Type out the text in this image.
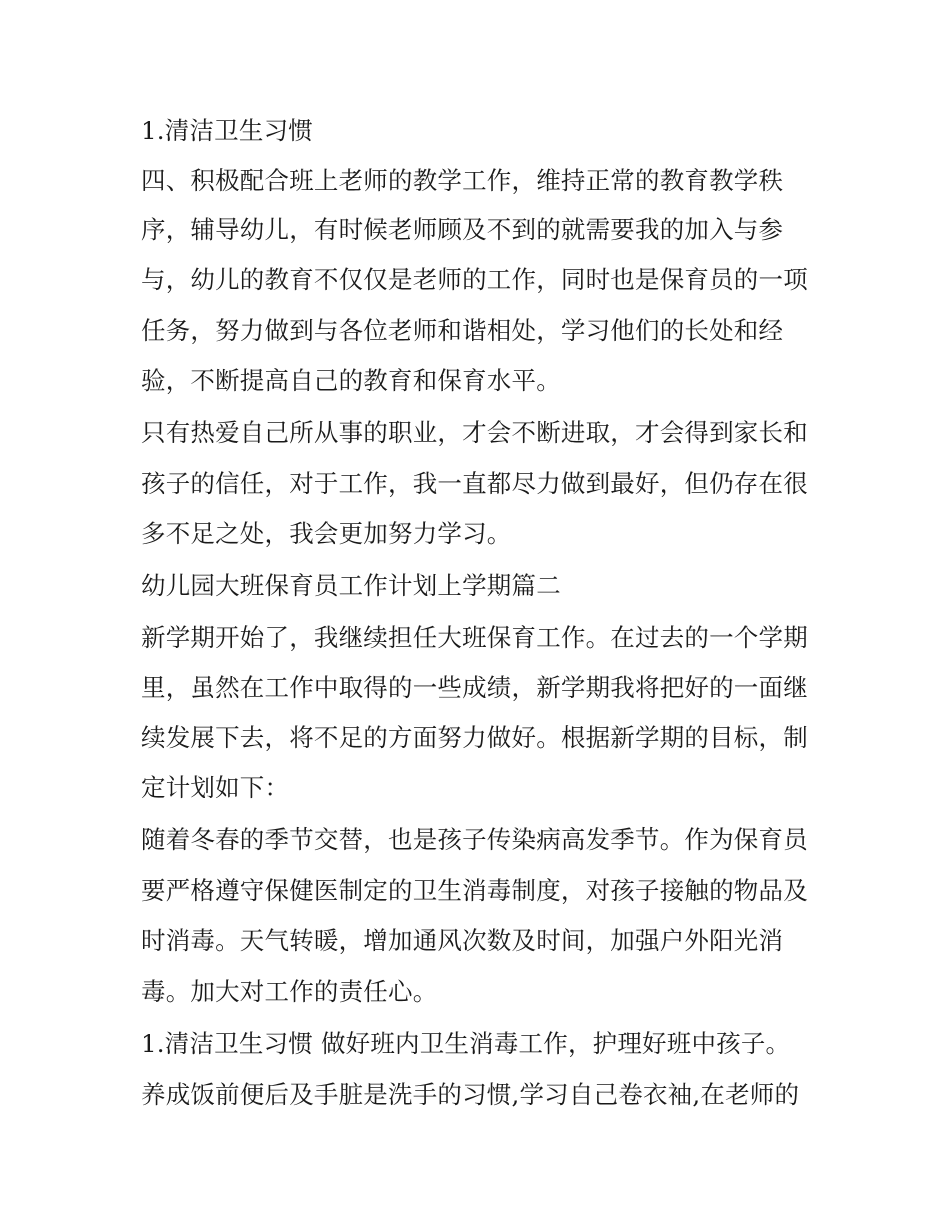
1.清洁卫生习惯
四、积极配合班上老师的教学工作，维持正常的教育教学秩
序，辅导幼儿，有时候老师顾及不到的就需要我的加入与参
与，幼儿的教育不仅仅是老师的工作，同时也是保育员的一项
任务，努力做到与各位老师和谐相处，学习他们的长处和经
验，不断提高自己的教育和保育水平。
只有热爱自己所从事的职业，才会不断进取，才会得到家长和
孩子的信任，对于工作，我一直都尽力做到最好，但仍存在很
多不足之处，我会更加努力学习。
幼儿园大班保育员工作计划上学期篇二
新学期开始了，我继续担任大班保育工作。在过去的一个学期
里，虽然在工作中取得的一些成绩，新学期我将把好的一面继
续发展下去，将不足的方面努力做好。根据新学期的目标，制
定计划如下：
随着冬春的季节交替，也是孩子传染病高发季节。作为保育员
要严格遵守保健医制定的卫生消毒制度，对孩子接触的物品及
时消毒。天气转暖，增加通风次数及时间，加强户外阳光消
毒。加大对工作的责任心。
1.清洁卫生习惯 做好班内卫生消毒工作，护理好班中孩子。
养成饭前便后及手脏是洗手的习惯,学习自己卷衣袖,在老师的
